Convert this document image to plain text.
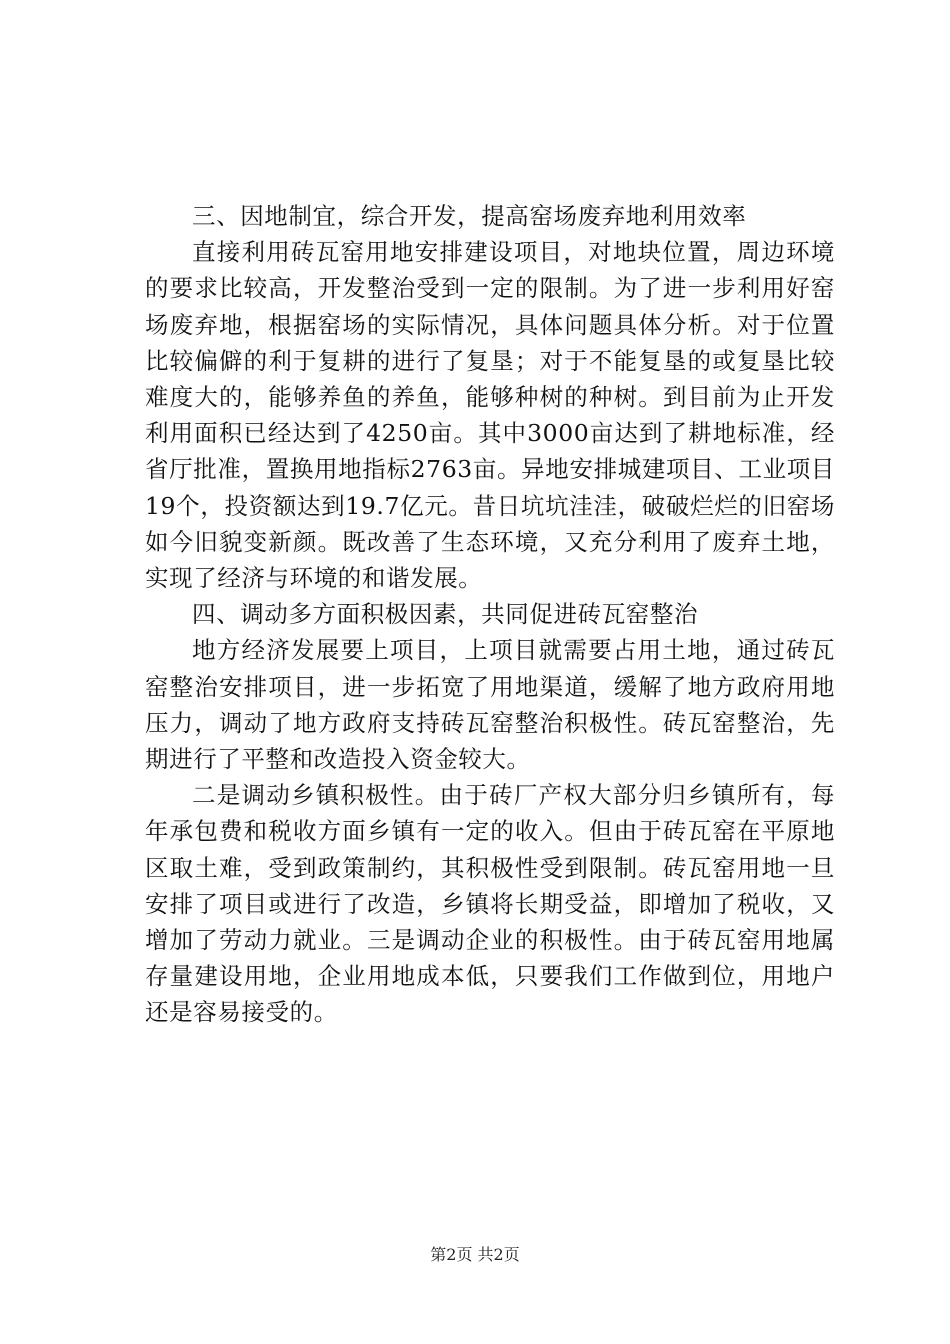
三、因地制宜，综合开发，提高窑场废弃地利用效率

直接利用砖瓦窑用地安排建设项目，对地块位置，周边环境的要求比较高，开发整治受到一定的限制。为了进一步利用好窑场废弃地，根据窑场的实际情况，具体问题具体分析。对于位置比较偏僻的利于复耕的进行了复垦；对于不能复垦的或复垦比较难度大的，能够养鱼的养鱼，能够种树的种树。到目前为止开发利用面积已经达到了4250亩。其中3000亩达到了耕地标准，经省厅批准，置换用地指标2763亩。异地安排城建项目、工业项目19个，投资额达到19.7亿元。昔日坑坑洼洼，破破烂烂的旧窑场如今旧貌变新颜。既改善了生态环境，又充分利用了废弃土地，实现了经济与环境的和谐发展。

四、调动多方面积极因素，共同促进砖瓦窑整治

地方经济发展要上项目，上项目就需要占用土地，通过砖瓦窑整治安排项目，进一步拓宽了用地渠道，缓解了地方政府用地压力，调动了地方政府支持砖瓦窑整治积极性。砖瓦窑整治，先期进行了平整和改造投入资金较大。

二是调动乡镇积极性。由于砖厂产权大部分归乡镇所有，每年承包费和税收方面乡镇有一定的收入。但由于砖瓦窑在平原地区取土难，受到政策制约，其积极性受到限制。砖瓦窑用地一旦安排了项目或进行了改造，乡镇将长期受益，即增加了税收，又增加了劳动力就业。三是调动企业的积极性。由于砖瓦窑用地属存量建设用地，企业用地成本低，只要我们工作做到位，用地户还是容易接受的。

第2页 共2页
